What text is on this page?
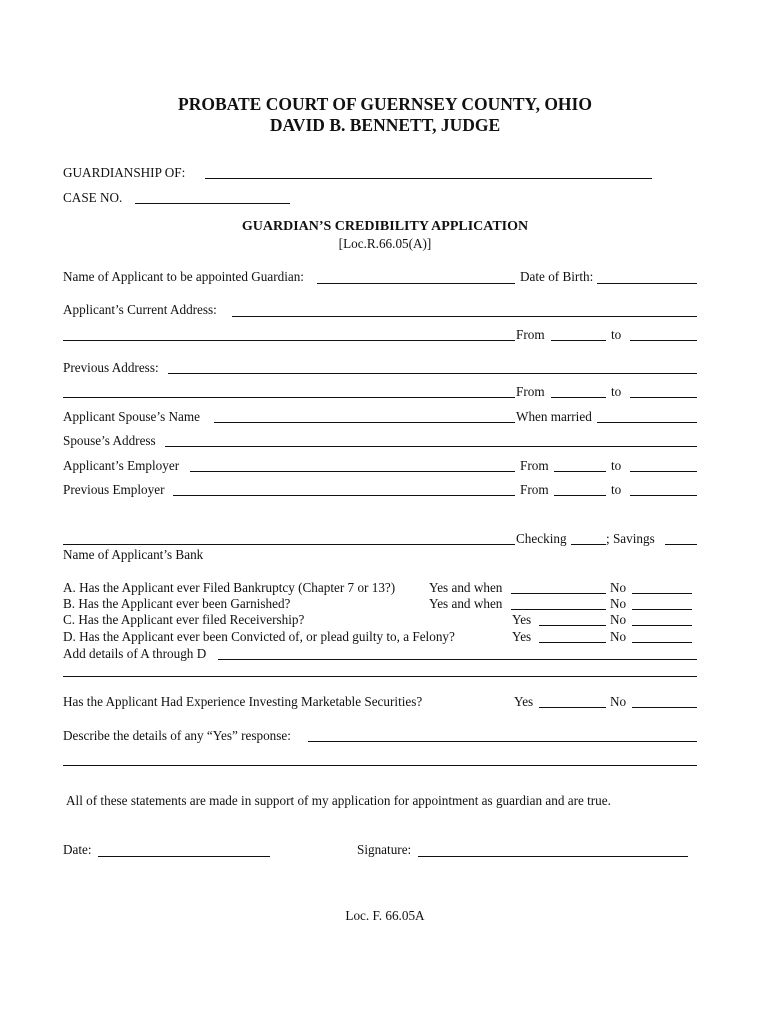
PROBATE COURT OF GUERNSEY COUNTY, OHIO
DAVID B. BENNETT, JUDGE
GUARDIANSHIP OF:
CASE NO.
GUARDIAN’S CREDIBILITY APPLICATION
[Loc.R.66.05(A)]
Name of Applicant to be appointed Guardian:	Date of Birth:
Applicant’s Current Address:
From	to
Previous Address:
From	to
Applicant Spouse’s Name	When married
Spouse’s Address
Applicant’s Employer	From	to
Previous Employer	From	to
Checking	; Savings
Name of Applicant’s Bank
A. Has the Applicant ever Filed Bankruptcy (Chapter 7 or 13?)	Yes and when	No
B. Has the Applicant ever been Garnished?	Yes and when	No
C. Has the Applicant ever filed Receivership?	Yes	No
D. Has the Applicant ever been Convicted of, or plead guilty to, a Felony?	Yes	No
Add details of A through D
Has the Applicant Had Experience Investing Marketable Securities?	Yes	No
Describe the details of any “Yes” response:
All of these statements are made in support of my application for appointment as guardian and are true.
Date:	Signature:
Loc. F. 66.05A
